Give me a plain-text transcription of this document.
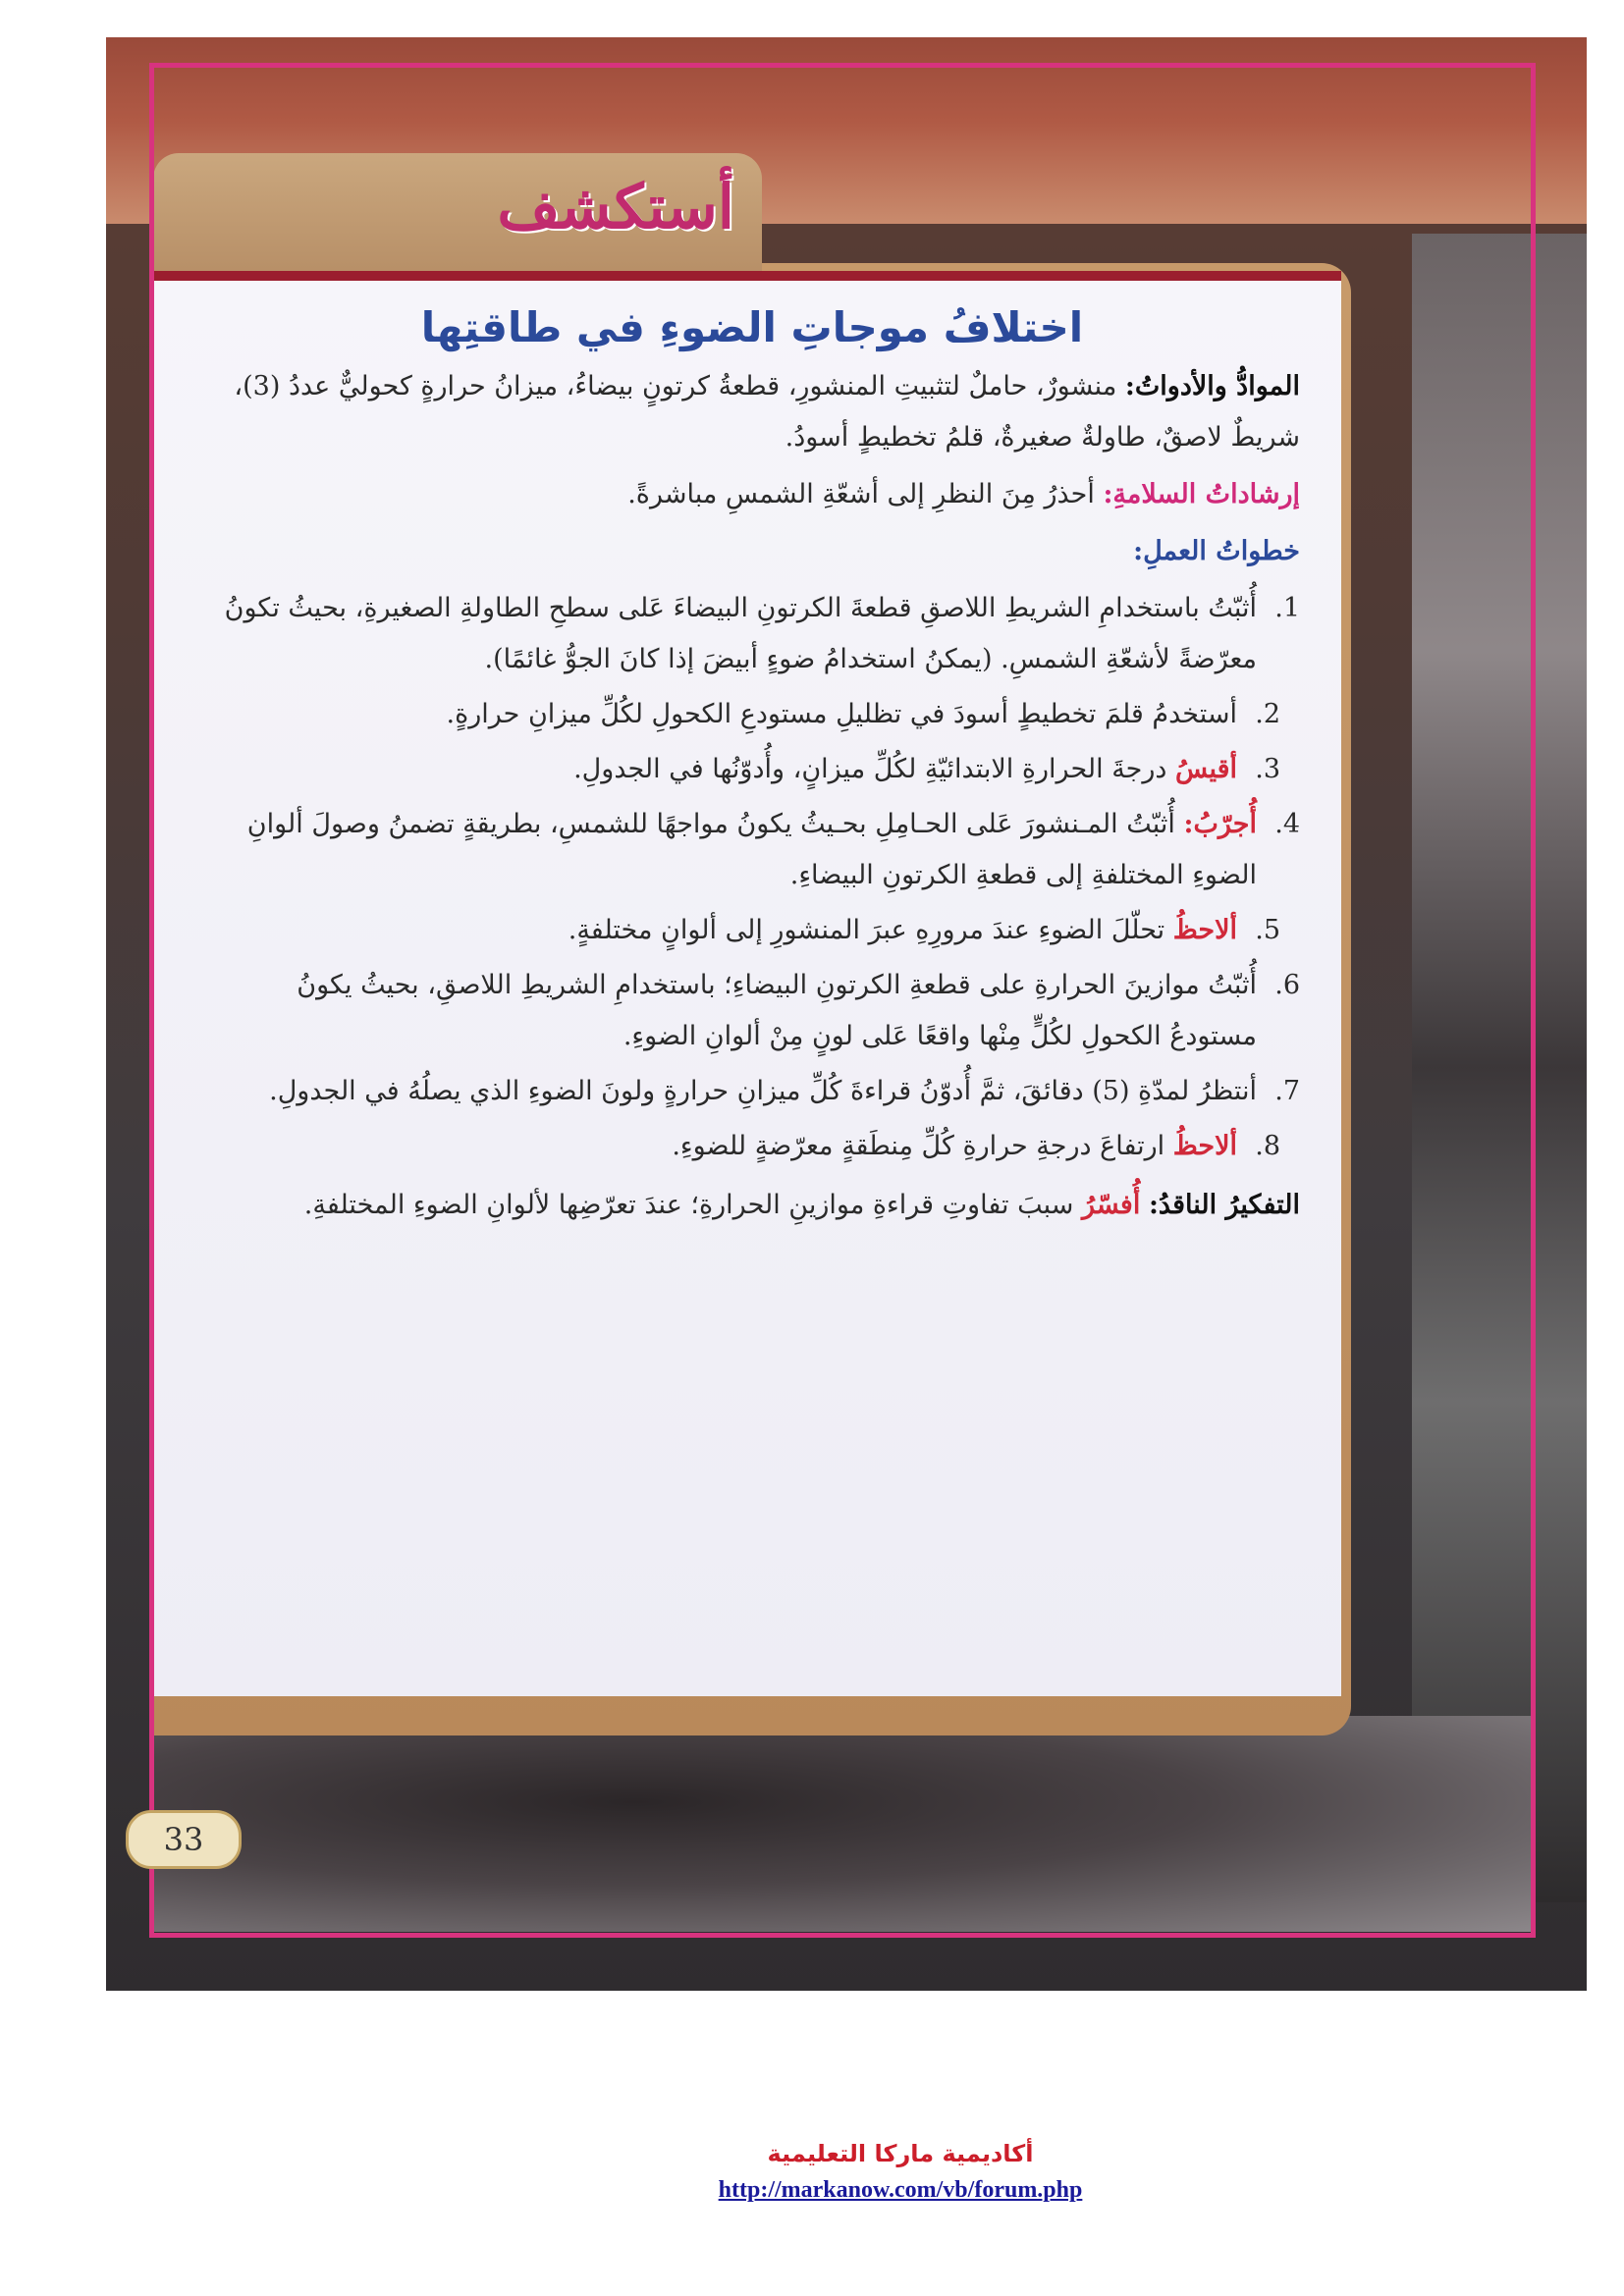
أستكشف
اختلافُ موجاتِ الضوءِ في طاقتِها

الموادُّ والأدواتُ: منشورٌ، حاملٌ لتثبيتِ المنشورِ، قطعةُ كرتونٍ بيضاءُ، ميزانُ حرارةٍ كحوليٌّ عددُ (3)، شريطٌ لاصقٌ، طاولةٌ صغيرةٌ، قلمُ تخطيطٍ أسودُ.

إرشاداتُ السلامةِ: أحذرُ مِنَ النظرِ إلى أشعّةِ الشمسِ مباشرةً.

خطواتُ العملِ:

1.
أُثبّتُ باستخدامِ الشريطِ اللاصقِ قطعةَ الكرتونِ البيضاءَ عَلى سطحِ الطاولةِ الصغيرةِ، بحيثُ تكونُ معرّضةً لأشعّةِ الشمسِ. (يمكنُ استخدامُ ضوءٍ أبيضَ إذا كانَ الجوُّ غائمًا).
2.
أستخدمُ قلمَ تخطيطٍ أسودَ في تظليلِ مستودعِ الكحولِ لكُلِّ ميزانِ حرارةٍ.
3.
أقيسُ درجةَ الحرارةِ الابتدائيّةِ لكُلِّ ميزانٍ، وأُدوّنُها في الجدولِ.
4.
أُجرّبُ: أُثبّتُ المـنشورَ عَلى الحـامِلِ بحـيثُ يكونُ مواجهًا للشمسِ، بطريقةٍ تضمنُ وصولَ ألوانِ الضوءِ المختلفةِ إلى قطعةِ الكرتونِ البيضاءِ.
5.
ألاحظُ تحلّلَ الضوءِ عندَ مرورِهِ عبرَ المنشورِ إلى ألوانٍ مختلفةٍ.
6.
أُثبّتُ موازينَ الحرارةِ على قطعةِ الكرتونِ البيضاءِ؛ باستخدامِ الشريطِ اللاصقِ، بحيثُ يكونُ مستودعُ الكحولِ لكُلٍّ مِنْها واقعًا عَلى لونٍ مِنْ ألوانِ الضوءِ.
7.
أنتظرُ لمدّةِ (5) دقائقَ، ثمَّ أُدوّنُ قراءةَ كُلِّ ميزانِ حرارةٍ ولونَ الضوءِ الذي يصلُهُ في الجدولِ.
8.
ألاحظُ ارتفاعَ درجةِ حرارةِ كُلِّ مِنطَقةٍ معرّضةٍ للضوءِ.

التفكيرُ الناقدُ: أُفسّرُ سببَ تفاوتِ قراءةِ موازينِ الحرارةِ؛ عندَ تعرّضِها لألوانِ الضوءِ المختلفةِ.

33
أكاديمية ماركا التعليمية
http://markanow.com/vb/forum.php
